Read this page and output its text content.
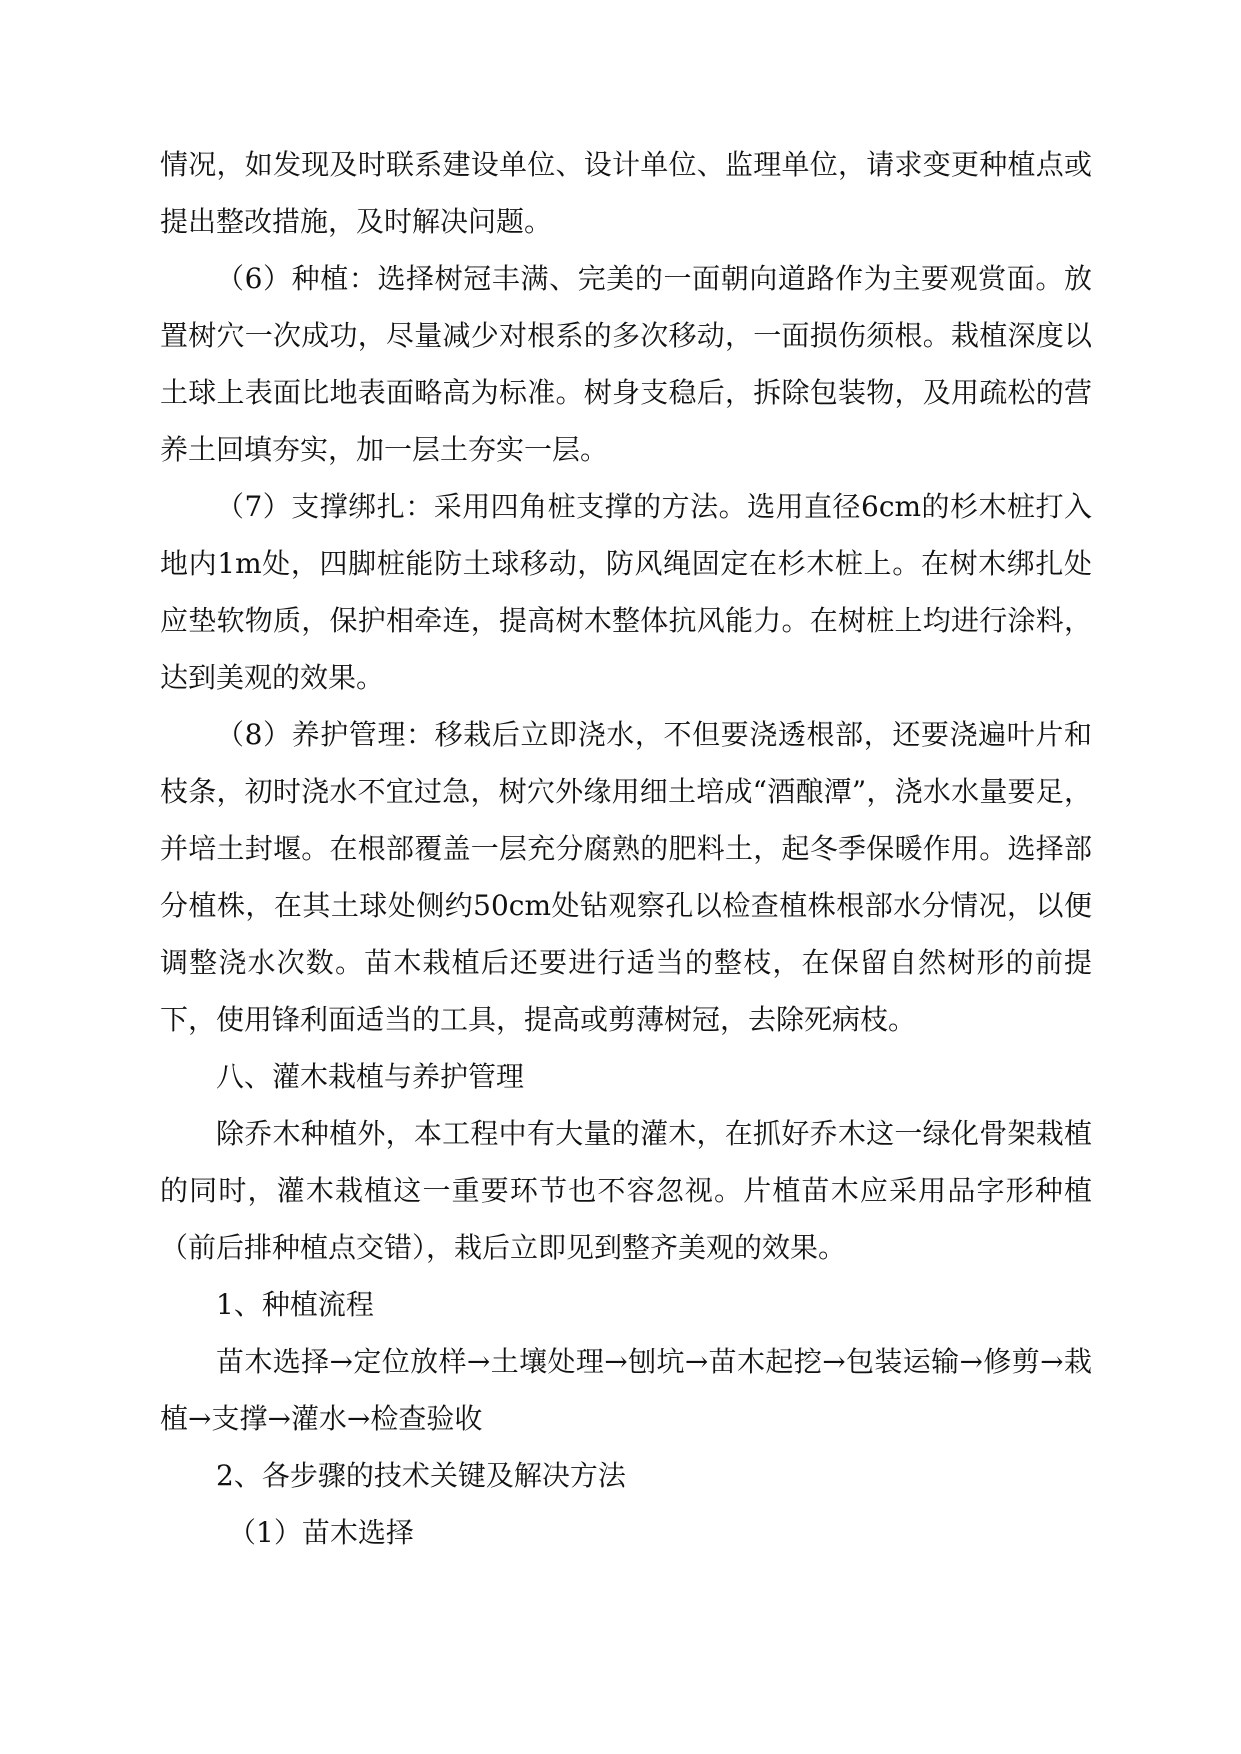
情况，如发现及时联系建设单位、设计单位、监理单位，请求变更种植点或提出整改措施，及时解决问题。

（6）种植：选择树冠丰满、完美的一面朝向道路作为主要观赏面。放置树穴一次成功，尽量减少对根系的多次移动，一面损伤须根。栽植深度以土球上表面比地表面略高为标准。树身支稳后，拆除包装物，及用疏松的营养土回填夯实，加一层土夯实一层。

（7）支撑绑扎：采用四角桩支撑的方法。选用直径6cm的杉木桩打入地内1m处，四脚桩能防土球移动，防风绳固定在杉木桩上。在树木绑扎处应垫软物质，保护相牵连，提高树木整体抗风能力。在树桩上均进行涂料，达到美观的效果。

（8）养护管理：移栽后立即浇水，不但要浇透根部，还要浇遍叶片和枝条，初时浇水不宜过急，树穴外缘用细土培成“酒酿潭”，浇水水量要足，并培土封堰。在根部覆盖一层充分腐熟的肥料土，起冬季保暖作用。选择部分植株，在其土球处侧约50cm处钻观察孔以检查植株根部水分情况，以便调整浇水次数。苗木栽植后还要进行适当的整枝，在保留自然树形的前提下，使用锋利面适当的工具，提高或剪薄树冠，去除死病枝。

八、灌木栽植与养护管理

除乔木种植外，本工程中有大量的灌木，在抓好乔木这一绿化骨架栽植的同时，灌木栽植这一重要环节也不容忽视。片植苗木应采用品字形种植（前后排种植点交错），栽后立即见到整齐美观的效果。

1、种植流程

苗木选择→定位放样→土壤处理→刨坑→苗木起挖→包装运输→修剪→栽植→支撑→灌水→检查验收

2、各步骤的技术关键及解决方法

（1）苗木选择
